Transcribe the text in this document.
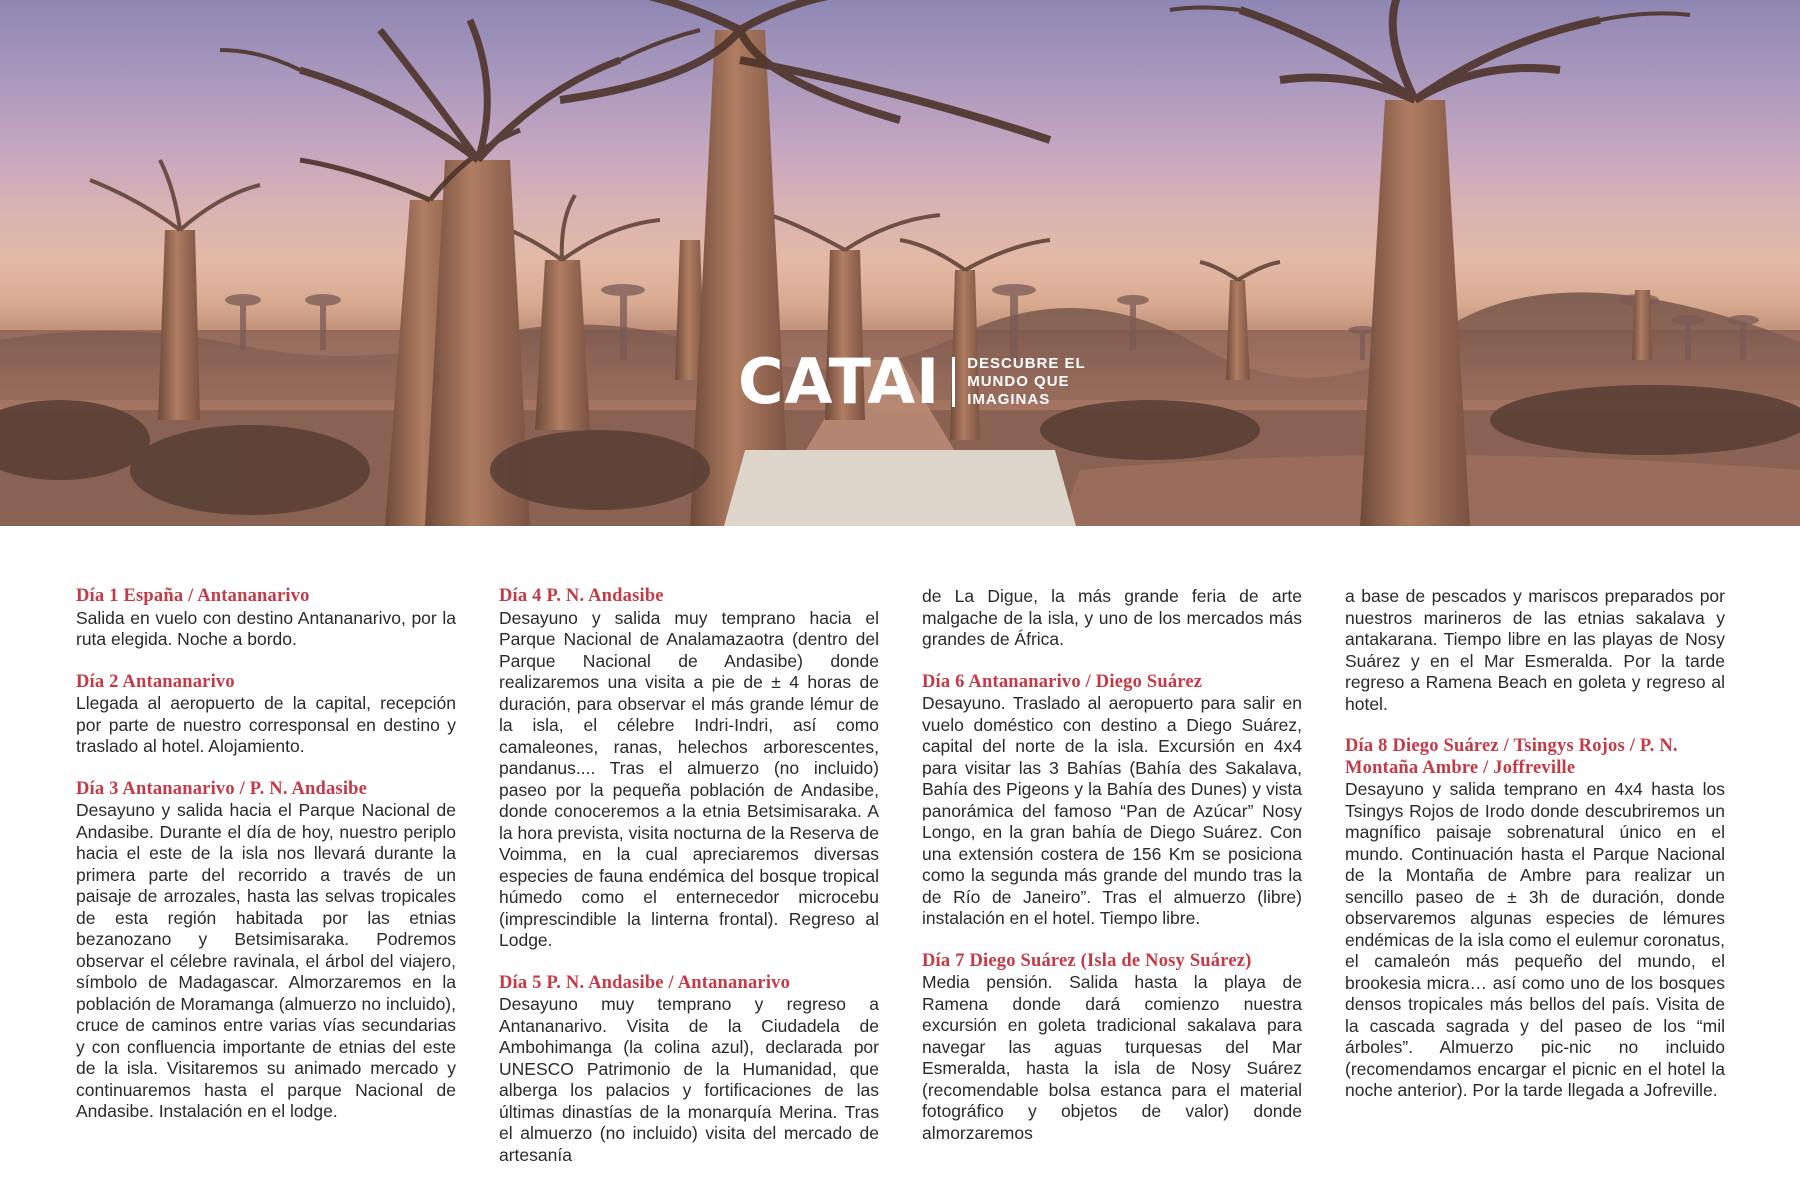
CATAI DESCUBRE EL
MUNDO QUE
IMAGINAS
Día 1 España / Antananarivo
Salida en vuelo con destino Antananarivo, por la ruta elegida. Noche a bordo.
Día 2 Antananarivo
Llegada al aeropuerto de la capital, recepción por parte de nuestro corresponsal en destino y traslado al hotel. Alojamiento.
Día 3 Antananarivo / P. N. Andasibe
Desayuno y salida hacia el Parque Nacional de Andasibe. Durante el día de hoy, nuestro periplo hacia el este de la isla nos llevará durante la primera parte del recorrido a través de un paisaje de arrozales, hasta las selvas tropicales de esta región habitada por las etnias bezanozano y Betsimisaraka. Podremos observar el célebre ravinala, el árbol del viajero, símbolo de Madagascar. Almorzaremos en la población de Moramanga (almuerzo no incluido), cruce de caminos entre varias vías secundarias y con confluencia importante de etnias del este de la isla. Visitaremos su animado mercado y continuaremos hasta el parque Nacional de Andasibe. Instalación en el lodge.
Día 4 P. N. Andasibe
Desayuno y salida muy temprano hacia el Parque Nacional de Analamazaotra (dentro del Parque Nacional de Andasibe) donde realizaremos una visita a pie de ± 4 horas de duración, para observar el más grande lémur de la isla, el célebre Indri-Indri, así como camaleones, ranas, helechos arborescentes, pandanus.... Tras el almuerzo (no incluido) paseo por la pequeña población de Andasibe, donde conoceremos a la etnia Betsimisaraka. A la hora prevista, visita nocturna de la Reserva de Voimma, en la cual apreciaremos diversas especies de fauna endémica del bosque tropical húmedo como el enternecedor microcebu (imprescindible la linterna frontal). Regreso al Lodge.
Día 5 P. N. Andasibe / Antananarivo
Desayuno muy temprano y regreso a Antananarivo. Visita de la Ciudadela de Ambohimanga (la colina azul), declarada por UNESCO Patrimonio de la Humanidad, que alberga los palacios y fortificaciones de las últimas dinastías de la monarquía Merina. Tras el almuerzo (no incluido) visita del mercado de artesanía
de La Digue, la más grande feria de arte malgache de la isla, y uno de los mercados más grandes de África.
Día 6 Antananarivo / Diego Suárez
Desayuno. Traslado al aeropuerto para salir en vuelo doméstico con destino a Diego Suárez, capital del norte de la isla. Excursión en 4x4 para visitar las 3 Bahías (Bahía des Sakalava, Bahía des Pigeons y la Bahía des Dunes) y vista panorámica del famoso “Pan de Azúcar” Nosy Longo, en la gran bahía de Diego Suárez. Con una extensión costera de 156 Km se posiciona como la segunda más grande del mundo tras la de Río de Janeiro”. Tras el almuerzo (libre) instalación en el hotel. Tiempo libre.
Día 7 Diego Suárez (Isla de Nosy Suárez)
Media pensión. Salida hasta la playa de Ramena donde dará comienzo nuestra excursión en goleta tradicional sakalava para navegar las aguas turquesas del Mar Esmeralda, hasta la isla de Nosy Suárez (recomendable bolsa estanca para el material fotográfico y objetos de valor) donde almorzaremos
a base de pescados y mariscos preparados por nuestros marineros de las etnias sakalava y antakarana. Tiempo libre en las playas de Nosy Suárez y en el Mar Esmeralda. Por la tarde regreso a Ramena Beach en goleta y regreso al hotel.
Día 8 Diego Suárez / Tsingys Rojos / P. N. Montaña Ambre / Joffreville
Desayuno y salida temprano en 4x4 hasta los Tsingys Rojos de Irodo donde descubriremos un magnífico paisaje sobrenatural único en el mundo. Continuación hasta el Parque Nacional de la Montaña de Ambre para realizar un sencillo paseo de ± 3h de duración, donde observaremos algunas especies de lémures endémicas de la isla como el eulemur coronatus, el camaleón más pequeño del mundo, el brookesia micra… así como uno de los bosques densos tropicales más bellos del país. Visita de la cascada sagrada y del paseo de los “mil árboles”. Almuerzo pic-nic no incluido (recomendamos encargar el picnic en el hotel la noche anterior). Por la tarde llegada a Jofreville.
